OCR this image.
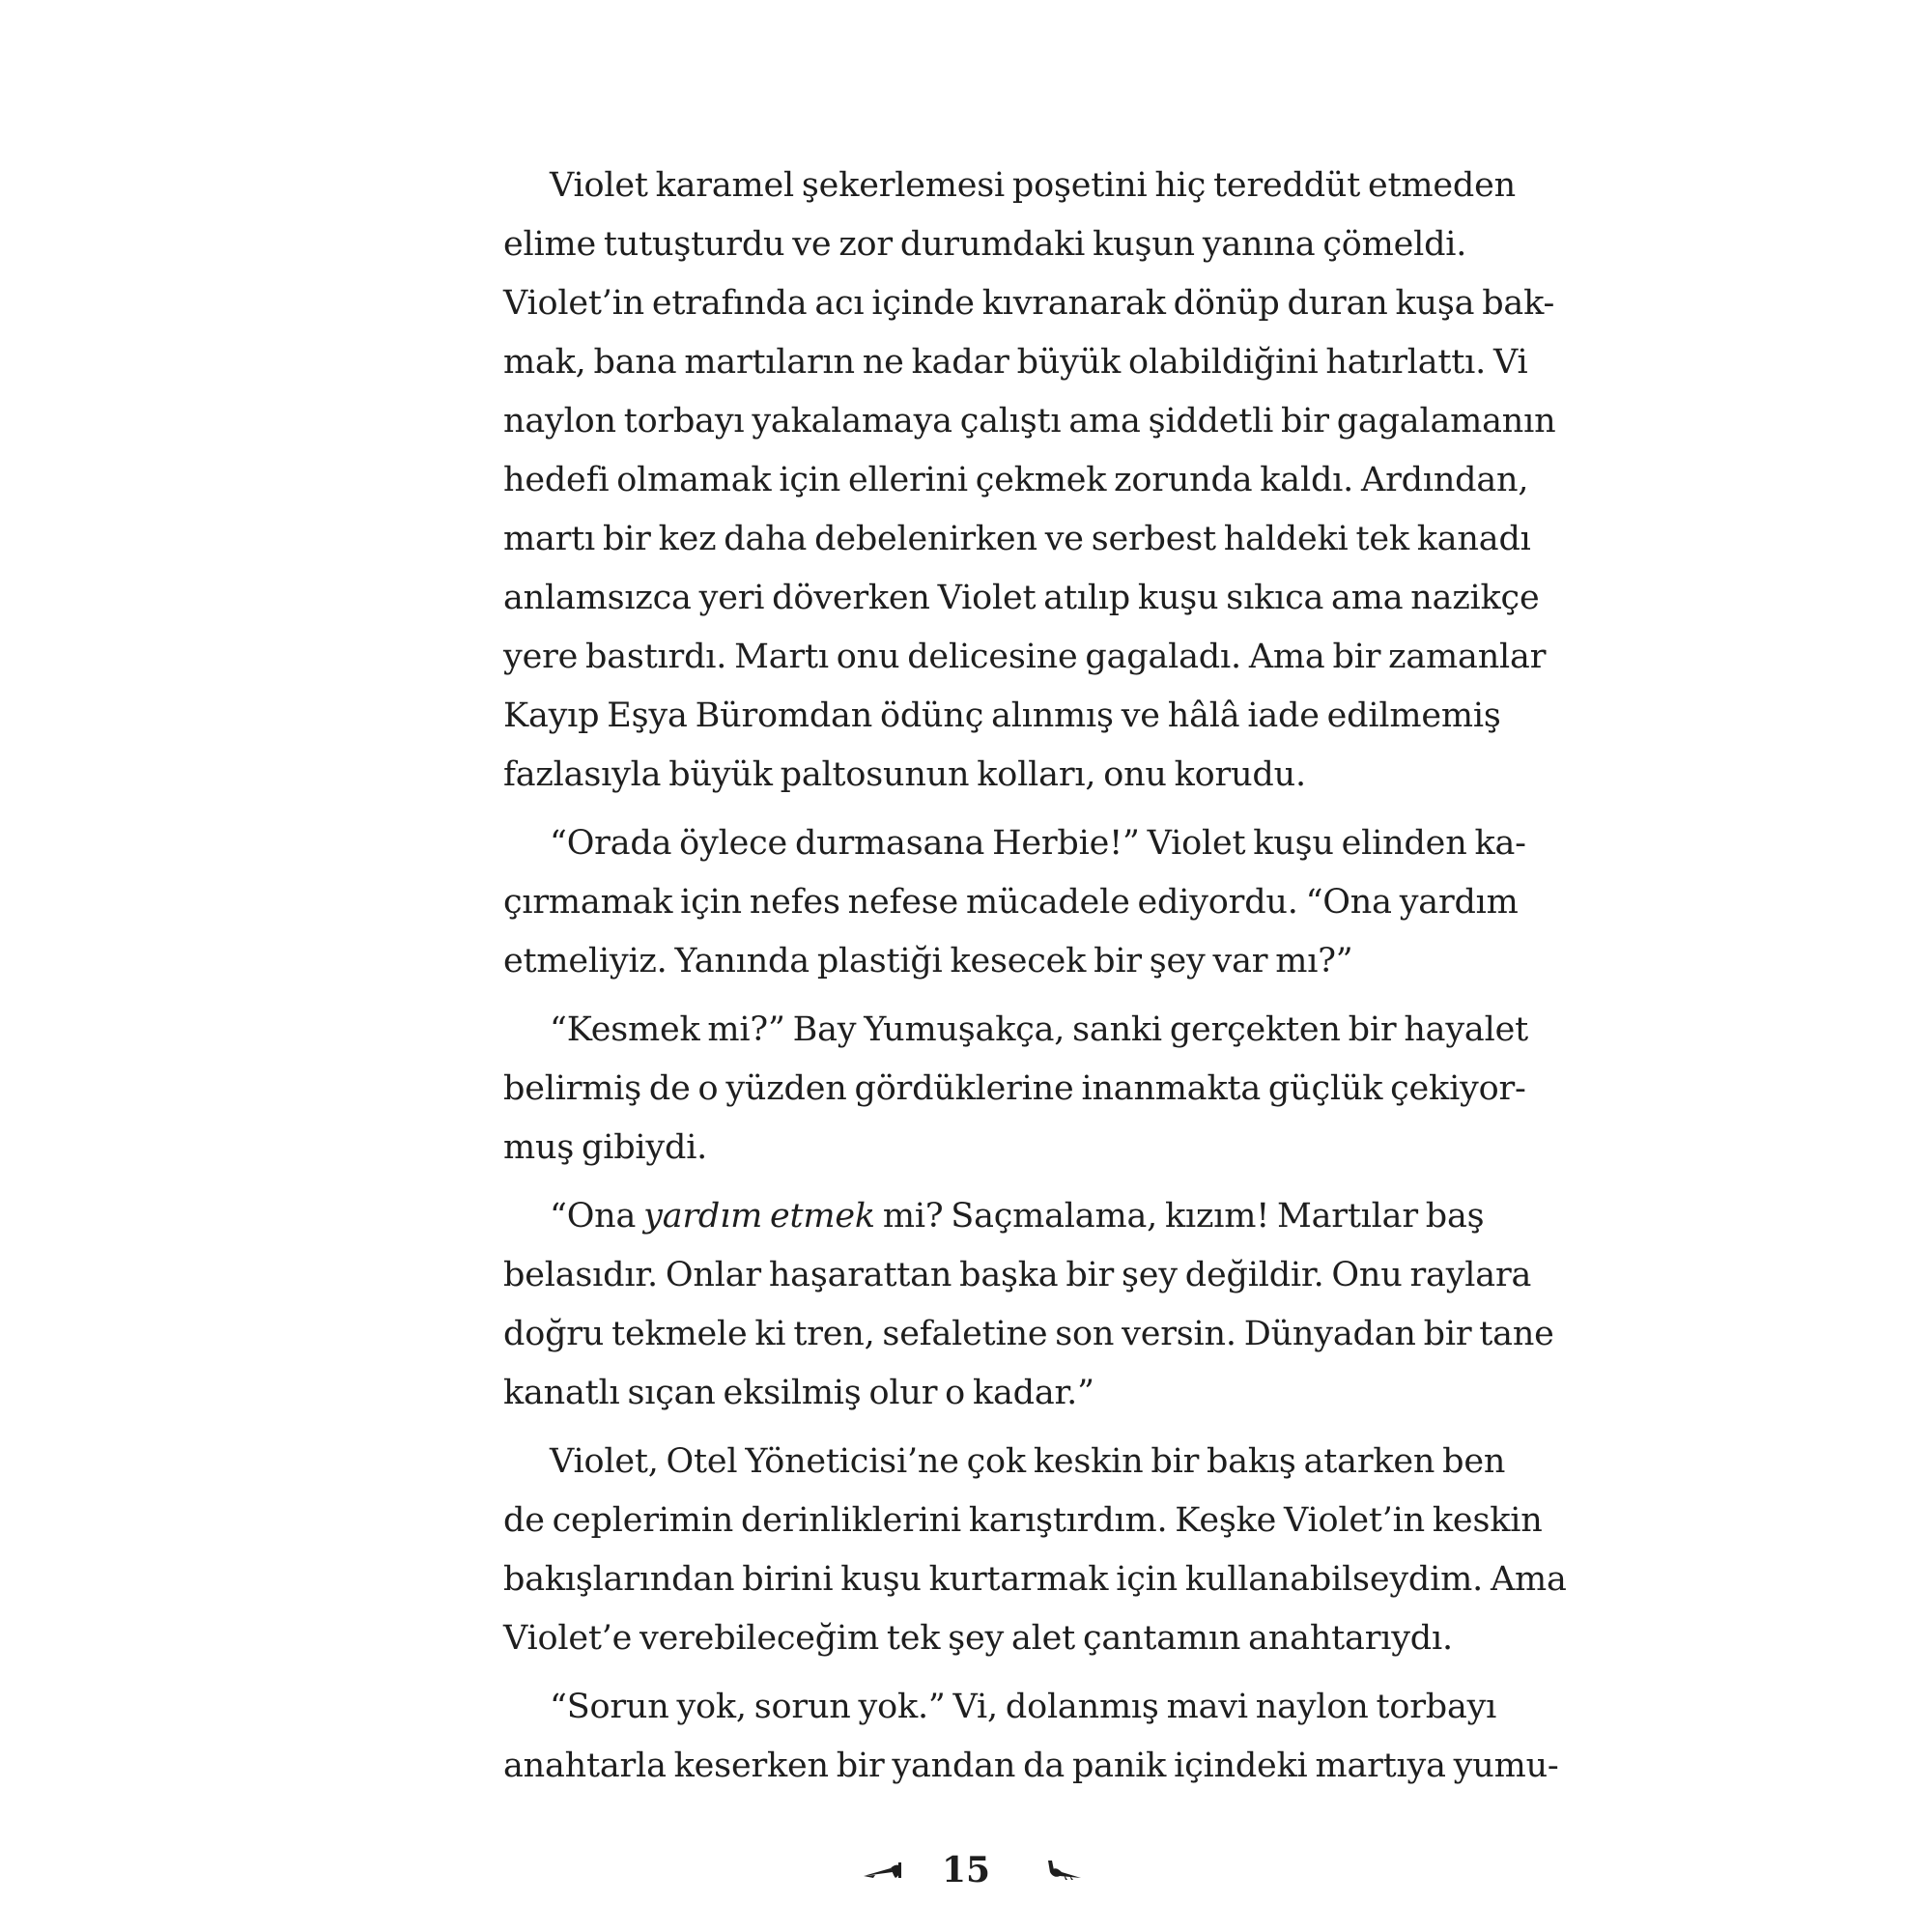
Violet karamel şekerlemesi poşetini hiç tereddüt etmeden
elime tutuşturdu ve zor durumdaki kuşun yanına çömeldi.
Violet’in etrafında acı içinde kıvranarak dönüp duran kuşa bak-
mak, bana martıların ne kadar büyük olabildiğini hatırlattı. Vi
naylon torbayı yakalamaya çalıştı ama şiddetli bir gagalamanın
hedefi olmamak için ellerini çekmek zorunda kaldı. Ardından,
martı bir kez daha debelenirken ve serbest haldeki tek kanadı
anlamsızca yeri döverken Violet atılıp kuşu sıkıca ama nazikçe
yere bastırdı. Martı onu delicesine gagaladı. Ama bir zamanlar
Kayıp Eşya Büromdan ödünç alınmış ve hâlâ iade edilmemiş
fazlasıyla büyük paltosunun kolları, onu korudu.
“Orada öylece durmasana Herbie!” Violet kuşu elinden ka-
çırmamak için nefes nefese mücadele ediyordu. “Ona yardım
etmeliyiz. Yanında plastiği kesecek bir şey var mı?”
“Kesmek mi?” Bay Yumuşakça, sanki gerçekten bir hayalet
belirmiş de o yüzden gördüklerine inanmakta güçlük çekiyor-
muş gibiydi.
“Ona yardım etmek mi? Saçmalama, kızım! Martılar baş
belasıdır. Onlar haşarattan başka bir şey değildir. Onu raylara
doğru tekmele ki tren, sefaletine son versin. Dünyadan bir tane
kanatlı sıçan eksilmiş olur o kadar.”
Violet, Otel Yöneticisi’ne çok keskin bir bakış atarken ben
de ceplerimin derinliklerini karıştırdım. Keşke Violet’in keskin
bakışlarından birini kuşu kurtarmak için kullanabilseydim. Ama
Violet’e verebileceğim tek şey alet çantamın anahtarıydı.
“Sorun yok, sorun yok.” Vi, dolanmış mavi naylon torbayı
anahtarla keserken bir yandan da panik içindeki martıya yumu-
15
